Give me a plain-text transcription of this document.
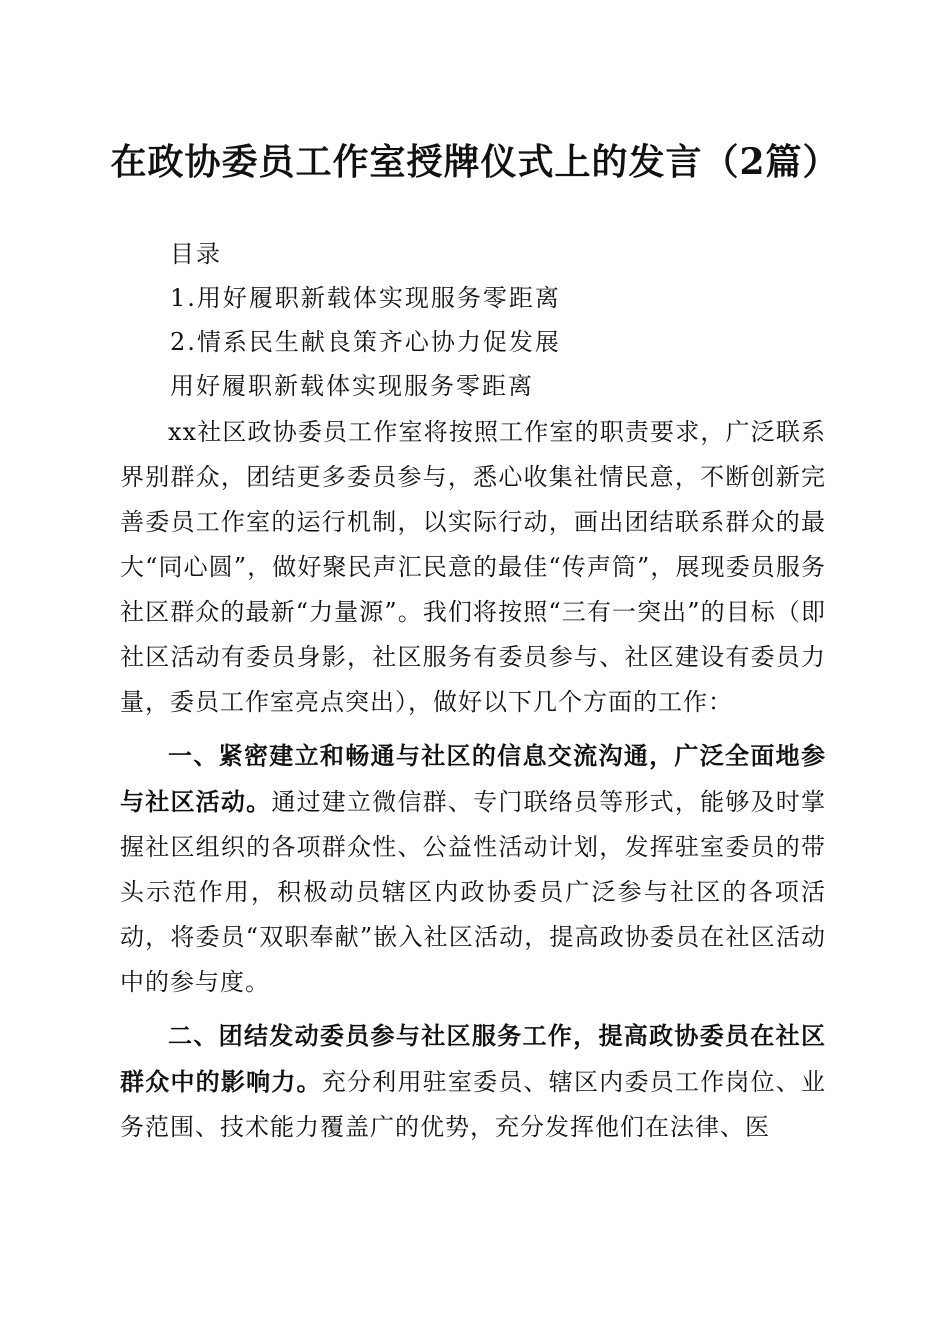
在政协委员工作室授牌仪式上的发言（2篇）
目录
1.用好履职新载体实现服务零距离
2.情系民生献良策齐心协力促发展
用好履职新载体实现服务零距离

xx社区政协委员工作室将按照工作室的职责要求，广泛联系界别群众，团结更多委员参与，悉心收集社情民意，不断创新完善委员工作室的运行机制，以实际行动，画出团结联系群众的最大“同心圆”，做好聚民声汇民意的最佳“传声筒”，展现委员服务社区群众的最新“力量源”。我们将按照“三有一突出”的目标（即社区活动有委员身影，社区服务有委员参与、社区建设有委员力量，委员工作室亮点突出），做好以下几个方面的工作：

一、紧密建立和畅通与社区的信息交流沟通，广泛全面地参与社区活动。通过建立微信群、专门联络员等形式，能够及时掌握社区组织的各项群众性、公益性活动计划，发挥驻室委员的带头示范作用，积极动员辖区内政协委员广泛参与社区的各项活动，将委员“双职奉献”嵌入社区活动，提高政协委员在社区活动中的参与度。

二、团结发动委员参与社区服务工作，提高政协委员在社区群众中的影响力。充分利用驻室委员、辖区内委员工作岗位、业务范围、技术能力覆盖广的优势，充分发挥他们在法律、医
